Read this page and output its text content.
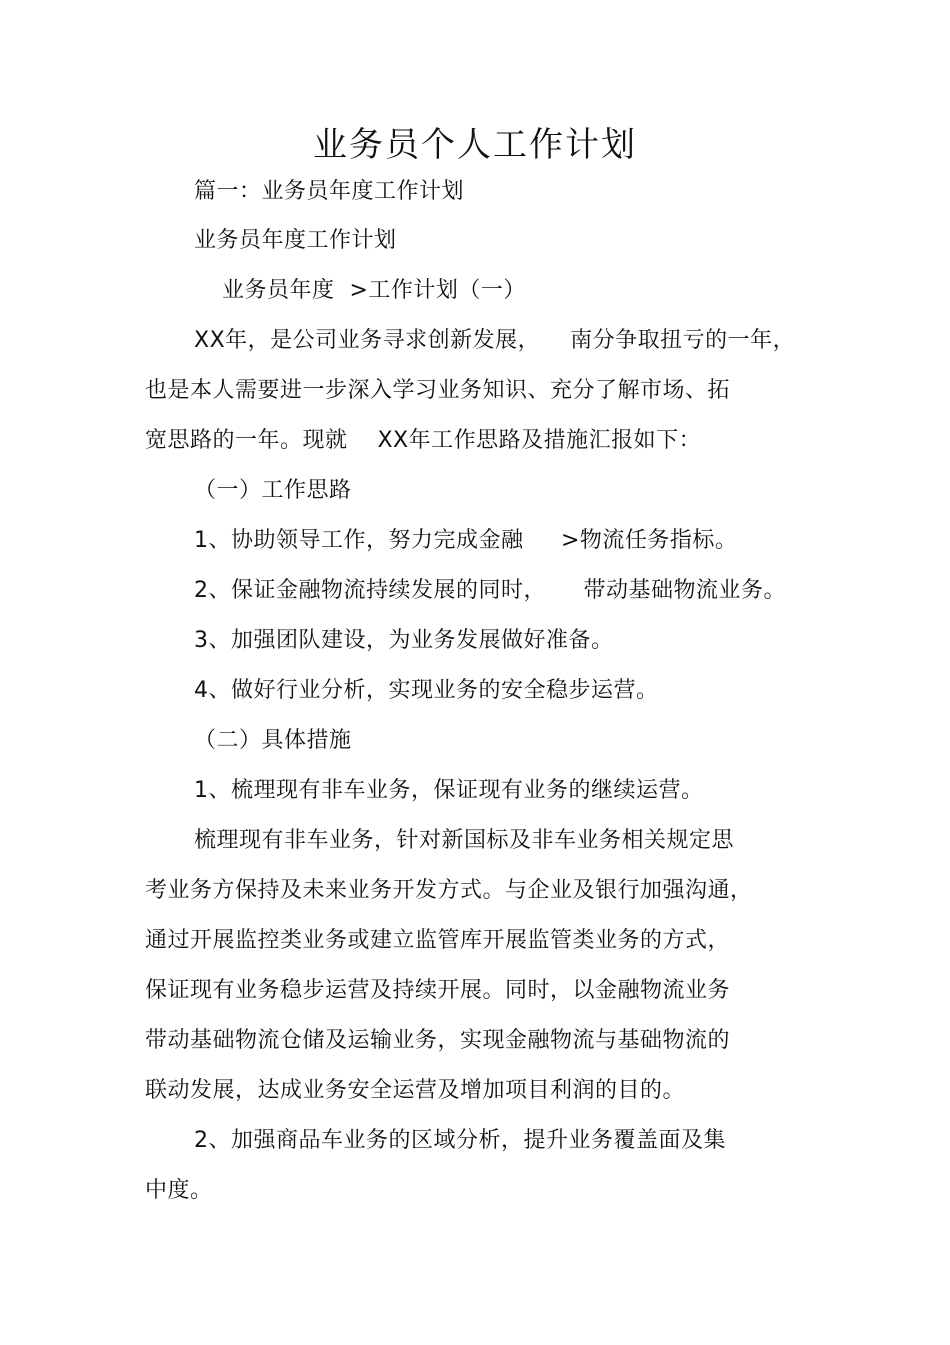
业务员个人工作计划
篇一：业务员年度工作计划
业务员年度工作计划
业务员年度  >工作计划（一）
XX年，是公司业务寻求创新发展，    南分争取扭亏的一年，
也是本人需要进一步深入学习业务知识、充分了解市场、拓
宽思路的一年。现就    XX年工作思路及措施汇报如下：
（一）工作思路
1、协助领导工作，努力完成金融     >物流任务指标。
2、保证金融物流持续发展的同时，     带动基础物流业务。
3、加强团队建设，为业务发展做好准备。
4、做好行业分析，实现业务的安全稳步运营。
（二）具体措施
1、梳理现有非车业务，保证现有业务的继续运营。
梳理现有非车业务，针对新国标及非车业务相关规定思
考业务方保持及未来业务开发方式。与企业及银行加强沟通，
通过开展监控类业务或建立监管库开展监管类业务的方式，
保证现有业务稳步运营及持续开展。同时，以金融物流业务
带动基础物流仓储及运输业务，实现金融物流与基础物流的
联动发展，达成业务安全运营及增加项目利润的目的。
2、加强商品车业务的区域分析，提升业务覆盖面及集
中度。
